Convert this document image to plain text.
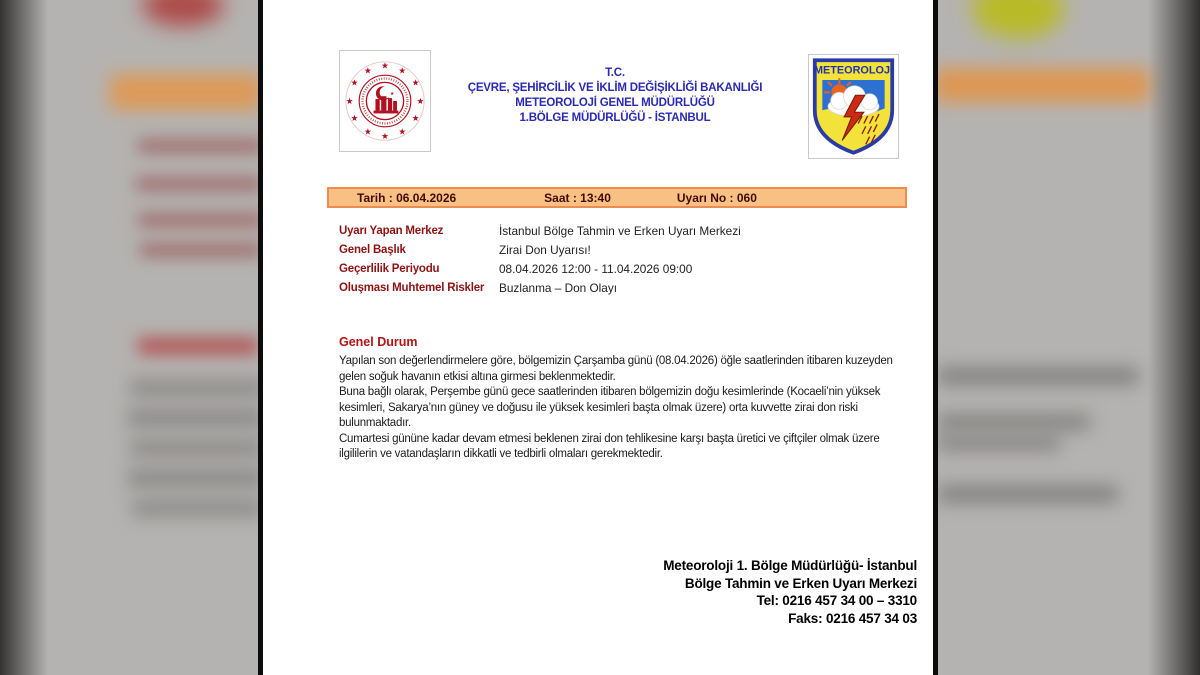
★ ★
★
★
★
★
★
★
★
★
★
★
★
T.C.
ÇEVRE, ŞEHİRCİLİK VE İKLİM DEĞİŞİKLİĞİ BAKANLIĞI
METEOROLOJİ GENEL MÜDÜRLÜĞÜ
1.BÖLGE MÜDÜRLÜĞÜ - İSTANBUL
METEOROLOJİ
Tarih : 06.04.2026	Saat : 13:40	Uyarı No : 060
Uyarı Yapan Merkez	İstanbul Bölge Tahmin ve Erken Uyarı Merkezi
Genel Başlık	Zirai Don Uyarısı!
Geçerlilik Periyodu	08.04.2026 12:00 - 11.04.2026 09:00
Oluşması Muhtemel Riskler	Buzlanma – Don Olayı
Genel Durum

Yapılan son değerlendirmelere göre, bölgemizin Çarşamba günü (08.04.2026) öğle saatlerinden itibaren kuzeyden gelen soğuk havanın etkisi altına girmesi beklenmektedir.

Buna bağlı olarak, Perşembe günü gece saatlerinden itibaren bölgemizin doğu kesimlerinde (Kocaeli’nin yüksek kesimleri, Sakarya’nın güney ve doğusu ile yüksek kesimleri başta olmak üzere) orta kuvvette zirai don riski bulunmaktadır.

Cumartesi gününe kadar devam etmesi beklenen zirai don tehlikesine karşı başta üretici ve çiftçiler olmak üzere ilgililerin ve vatandaşların dikkatli ve tedbirli olmaları gerekmektedir.

Meteoroloji 1. Bölge Müdürlüğü- İstanbul
Bölge Tahmin ve Erken Uyarı Merkezi
Tel: 0216 457 34 00 – 3310
Faks: 0216 457 34 03
